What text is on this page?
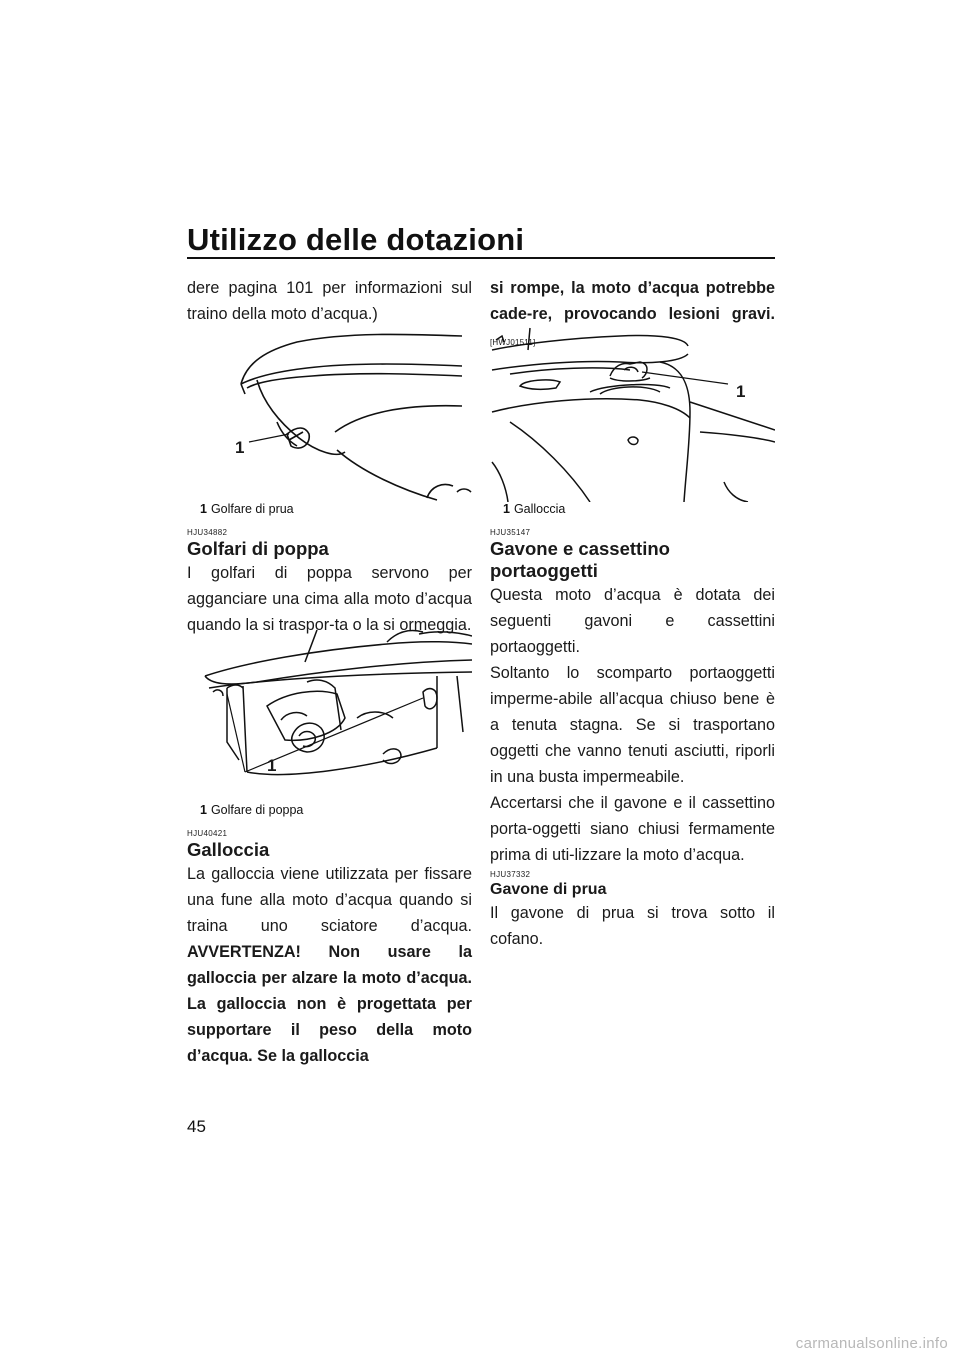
Utilizzo delle dotazioni

dere pagina 101 per informazioni sul traino della moto d’acqua.)

1
1 Golfare di prua
HJU34882
Golfari di poppa

I golfari di poppa servono per agganciare una cima alla moto d’acqua quando la si traspor-ta o la si ormeggia.

1
1 Golfare di poppa
HJU40421
Galloccia

La galloccia viene utilizzata per fissare una fune alla moto d’acqua quando si traina uno sciatore d’acqua. AVVERTENZA! Non usare la galloccia per alzare la moto d’acqua. La galloccia non è progettata per supportare il peso della moto d’acqua. Se la galloccia

si rompe, la moto d’acqua potrebbe cade-re, provocando lesioni gravi. [HWJ01511]

1
1 Galloccia
HJU35147
Gavone e cassettino portaoggetti

Questa moto d’acqua è dotata dei seguenti gavoni e cassettini portaoggetti.

Soltanto lo scomparto portaoggetti imperme-abile all’acqua chiuso bene è a tenuta stagna. Se si trasportano oggetti che vanno tenuti asciutti, riporli in una busta impermeabile.

Accertarsi che il gavone e il cassettino porta-oggetti siano chiusi fermamente prima di uti-lizzare la moto d’acqua.

HJU37332
Gavone di prua

Il gavone di prua si trova sotto il cofano.

45
carmanualsonline.info
